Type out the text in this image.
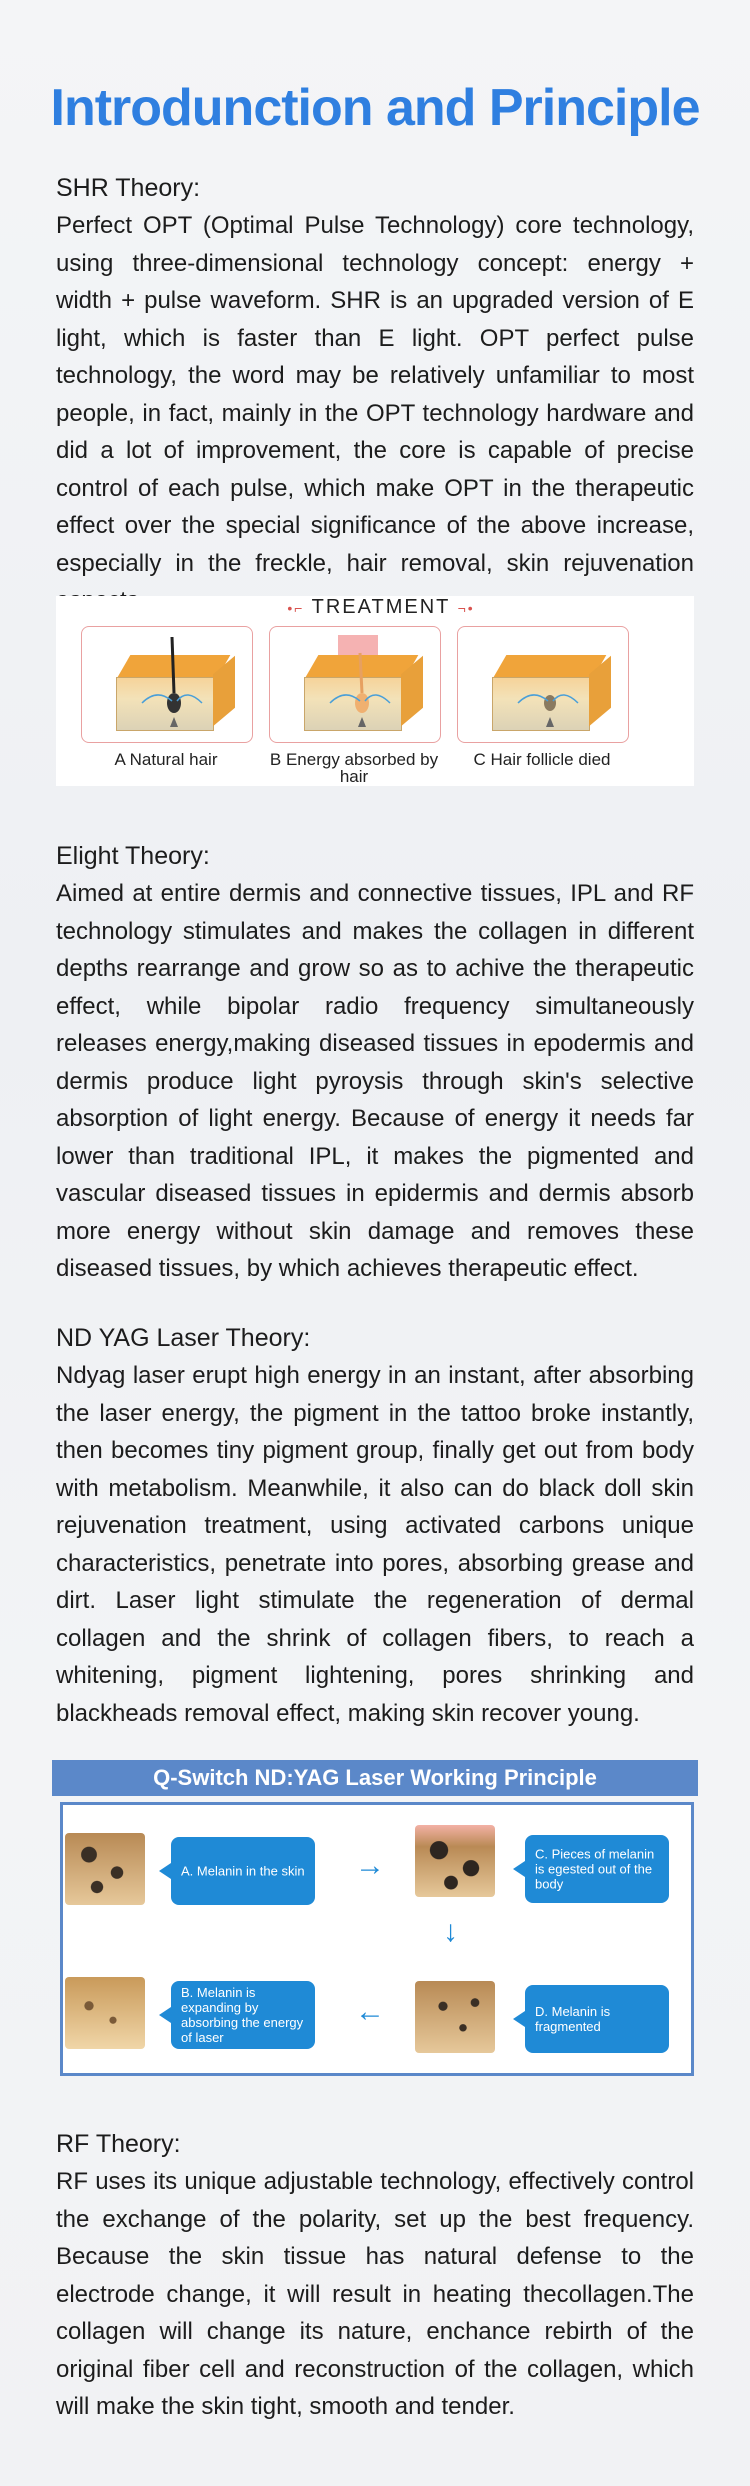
Introdunction and Principle

SHR Theory:

Perfect OPT (Optimal Pulse Technology) core technology, using three-dimensional technology concept: energy + width + pulse waveform. SHR is an upgraded version of E light, which is faster than E light. OPT perfect pulse technology, the word may be relatively unfamiliar to most people, in fact, mainly in the OPT technology hardware and did a lot of improvement, the core is capable of precise control of each pulse, which make OPT in the therapeutic effect over the special significance of the above increase, especially in the freckle, hair removal, skin rejuvenation

•⌐ TREATMENT ¬•
A Natural hair	B Energy absorbed by hair
C Hair follicle died

Elight Theory:

Aimed at entire dermis and connective tissues, IPL and RF technology stimulates and makes the collagen in different depths rearrange and grow so as to achive the therapeutic effect, while bipolar radio frequency simultaneously releases energy,making diseased tissues in epodermis and dermis produce light pyroysis through skin's selective absorption of light energy. Because of energy it needs far lower than traditional IPL, it makes the pigmented and vascular diseased tissues in epidermis and dermis absorb more energy without skin damage and removes these diseased tissues, by which achieves therapeutic effect.

ND YAG Laser Theory:

Ndyag laser erupt high energy in an instant, after absorbing the laser energy, the pigment in the tattoo broke instantly, then becomes tiny pigment group, finally get out from body with metabolism. Meanwhile, it also can do black doll skin rejuvenation treatment, using activated carbons unique characteristics, penetrate into pores, absorbing grease and dirt. Laser light stimulate the regeneration of dermal collagen and the shrink of collagen fibers, to reach a whitening, pigment lightening, pores shrinking and blackheads removal effect, making skin recover young.

Q-Switch ND:YAG Laser Working Principle
A. Melanin in the skin →	C. Pieces of melanin is egested out of the body
↓
B. Melanin is expanding by absorbing the energy of laser
←	D. Melanin is fragmented

RF Theory:

RF uses its unique adjustable technology, effectively control the exchange of the polarity, set up the best frequency. Because the skin tissue has natural defense to the electrode change, it will result in heating thecollagen.The collagen will change its nature, enchance rebirth of the original fiber cell and reconstruction of the collagen, which will make the skin tight, smooth and tender.
